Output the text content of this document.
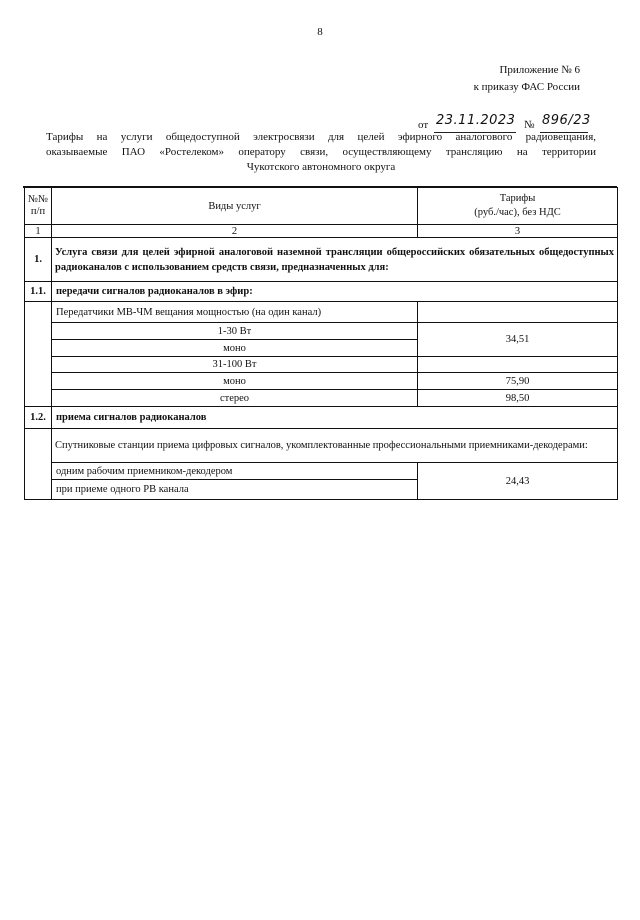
8
Приложение № 6
к приказу ФАС России
от 23.11.2023 № 896/23
Тарифы на услуги общедоступной электросвязи для целей эфирного аналогового радиовещания,
оказываемые ПАО «Ростелеком» оператору связи, осуществляющему трансляцию на территории
Чукотского автономного округа
№№ п/п	Виды услуг	Тарифы
(руб./час), без НДС

1	2	3
1.	Услуга связи для целей эфирной аналоговой наземной трансляции общероссийских обязательных общедоступных радиоканалов с использованием средств связи, предназначенных для:	
1.1.	передачи сигналов радиоканалов в эфир:	
	Передатчики МВ-ЧМ вещания мощностью (на один канал)	
	1-30 Вт	34,51
	моно	
	31-100 Вт	
	моно	75,90
	стерео	98,50
1.2.	приема сигналов радиоканалов	
	Спутниковые станции приема цифровых сигналов, укомплектованные профессиональными приемниками-декодерами:	
	одним рабочим приемником-декодером	24,43
	при приеме одного РВ канала	
